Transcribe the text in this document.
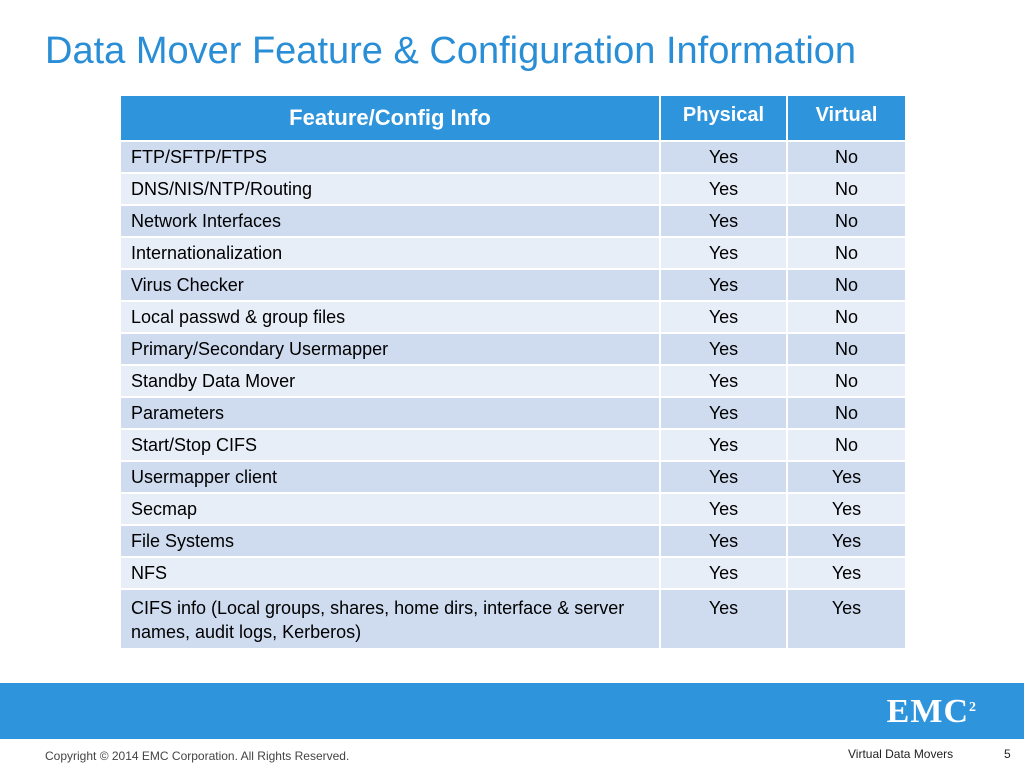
Data Mover Feature & Configuration Information
Feature/Config Info	Physical	Virtual
FTP/SFTP/FTPS	Yes	No
DNS/NIS/NTP/Routing	Yes	No
Network Interfaces	Yes	No
Internationalization	Yes	No
Virus Checker	Yes	No
Local passwd & group files	Yes	No
Primary/Secondary Usermapper	Yes	No
Standby Data Mover	Yes	No
Parameters	Yes	No
Start/Stop CIFS	Yes	No
Usermapper client	Yes	Yes
Secmap	Yes	Yes
File Systems	Yes	Yes
NFS	Yes	Yes
CIFS info (Local groups, shares, home dirs, interface & server names, audit logs, Kerberos)	Yes	Yes
EMC$^2$
Copyright © 2014 EMC Corporation. All Rights Reserved.	Virtual Data Movers	5
